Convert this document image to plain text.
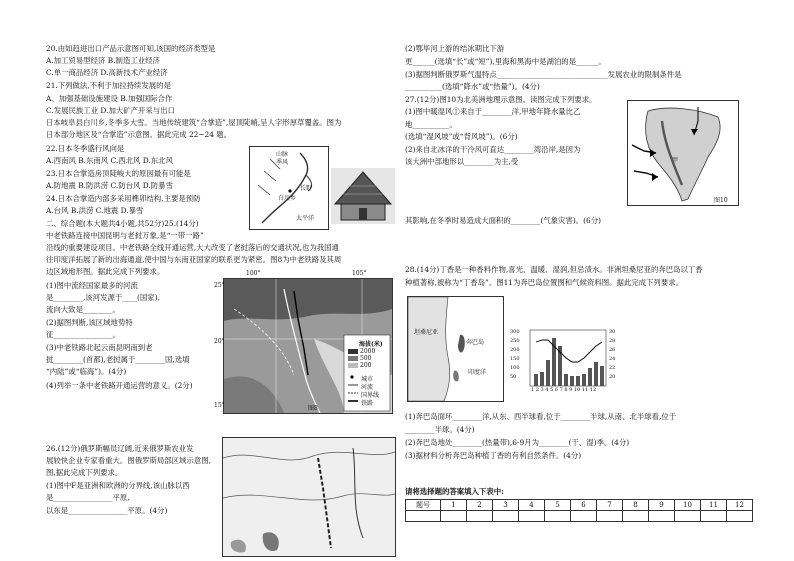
20.由如趋进出口产品示意图可知,该国的经济类型是
A.加工贸易型经济 B.制造工业经济
C.单一商品经济 D.高新技术产业经济
21.下列做法,不利于加拉持续发展的是
A、加强基础设施建设 B.加强国际合作
C.发展民族工业 D.加大矿产开采与出口
日本岐阜县白川乡,冬季多大雪。当地传统建筑“合掌造”,屋顶陡峭,呈人字形厚草覆盖。图为
日本部分地区及“合掌造”示意图。据此完成 22~24 题。
22.日本冬季盛行风向是
A.西南风 B.东南风 C.西北风 D.东北风
23.日本合掌造房顶陡峻大的原因最有可能是
A.防地震 B.防洪涝 C.防台风 D.防暴雪
24.日本合掌造内部多采用榫卯结构,主要是预防
A.台风 B.洪涝 C.地震 D.暴雪
二、综合题(本大题共4小题,共52分)25.(14分)
中老铁路连接中国昆明与老挝万象,是“一带一路”
沿线的重要建设项目。中老铁路全线开通运营,大大改变了老挝落后的交通状况,也为我国通
往印度洋拓展了新的出海通道,使中国与东南亚国家的联系更为紧密。图8为中老铁路及其周
边区域地形图。据此完成下列要求。
(1)图中流经国家最多的河流
是________,该河发源于____(国家),
流向大致是________。
(2)据图判断,该区域地势特
征________________。
(3)中老铁路北起云南昆明南到老
挝________(首都),老挝属于________国,选填
“内陆”或“临海”)。(4分)
(4)列举一条中老铁路开通运营的意义。(2分)
26.(12分)俄罗斯幅员辽阔,近来俄罗斯农业发
展较快企业专家看重大。图俄罗斯局部区域示意图,
图,据此完成下列要求。
(1)图中F是亚洲和欧洲的分界线,该山脉以西
是________________平原,
以东是________________平原。(4分)
(2)鄂毕河上游的结冰期比下游
更______(选填“长”或“短”),里海和黑海中是湖泊的是______。
(3)据图判断俄罗斯气温特点______________________________发展农业的限制条件是
__________(选填“降水”或“热量”)。(4分)
27.(12分)图10为北美洲地理示意图。读图完成下列要求。
(1)图中暖湿风①来自于________洋,甲地年降水量比乙
地__________。
(选填“湿风坡”或“背风坡”)。(6分)
(2)来自北冰洋的干冷风可直达________湾沿岸,是因为
该大洲中部地形以________为主,受
其影响,在冬季时易造成大面积的________(气象灾害)。(6分)
28.(14分)丁香是一种香料作物,喜光、温暖、湿润,但忌渍水。非洲坦桑尼亚的奔巴岛以丁香
种植著称,被称为“丁香岛”。图11为奔巴岛位置图和气候资料图。据此完成下列要求。
(1)奔巴岛面环________洋,从东、西半球看,位于________半球,从南、北半球看,位于
________半球。(4分)
(2)奔巴岛地处________(热量带),6-9月为________(干、湿)季。(4分)
(3)据材料分析奔巴岛种植丁香的有利自然条件。(4分)
请将选择题的答案填入下表中:
山脉
季风
长野
白川乡
太平洋
海拔(米)
2000
500
200
城市
河流
国界线
铁路
图8
100°	105°
25°
20°
15°
甲
图10
坦桑尼亚
奔巴岛
印度洋
1 2 3 4 5 6 7 8 9 10 11 12
300
250
200
150
100
50
30
28
26
24
22
20
题号	1	2	3	4	5	6	7	8	9	10	11	12
